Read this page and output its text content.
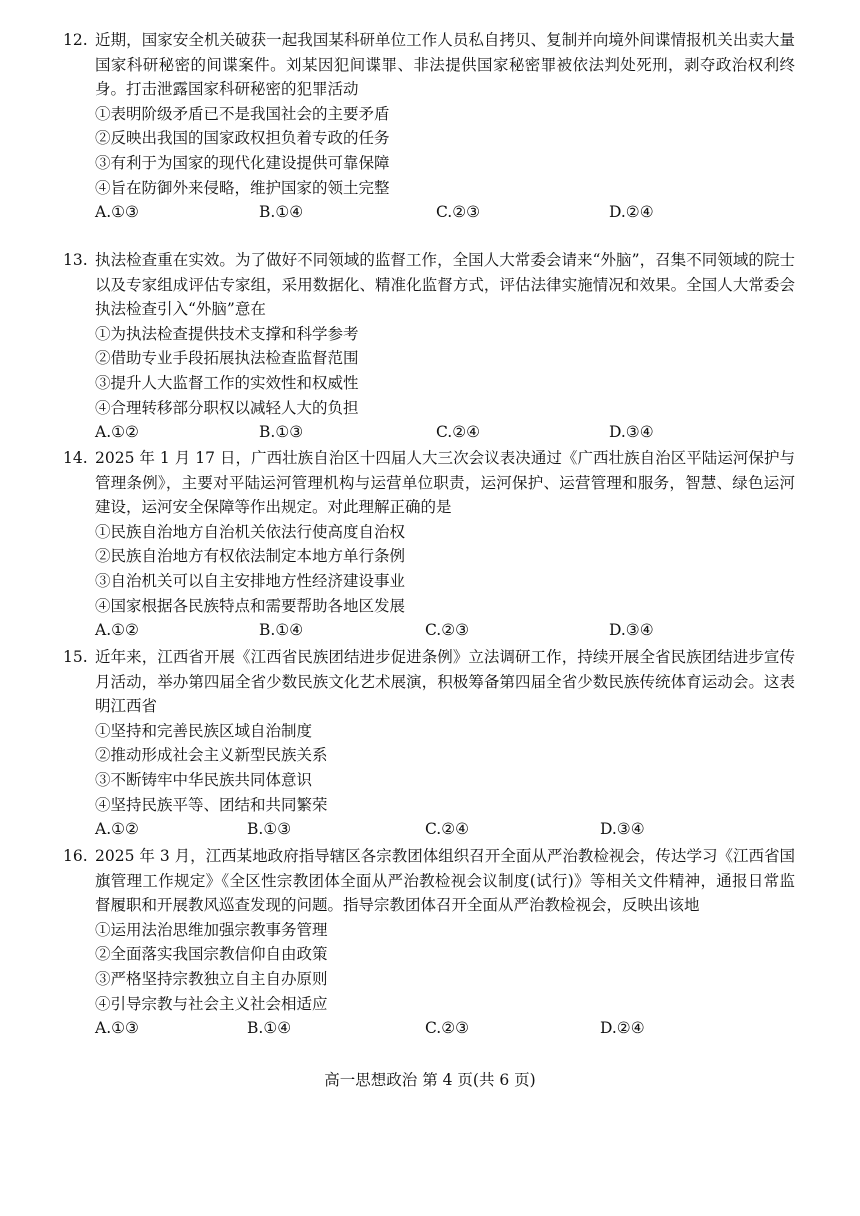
12. 近期，国家安全机关破获一起我国某科研单位工作人员私自拷贝、复制并向境外间谍情报机关出卖大量国家科研秘密的间谍案件。刘某因犯间谍罪、非法提供国家秘密罪被依法判处死刑，剥夺政治权利终身。打击泄露国家科研秘密的犯罪活动
①表明阶级矛盾已不是我国社会的主要矛盾
②反映出我国的国家政权担负着专政的任务
③有利于为国家的现代化建设提供可靠保障
④旨在防御外来侵略，维护国家的领土完整
A.①③	B.①④	C.②③	D.②④
13. 执法检查重在实效。为了做好不同领域的监督工作，全国人大常委会请来“外脑”，召集不同领域的院士以及专家组成评估专家组，采用数据化、精准化监督方式，评估法律实施情况和效果。全国人大常委会执法检查引入“外脑”意在
①为执法检查提供技术支撑和科学参考
②借助专业手段拓展执法检查监督范围
③提升人大监督工作的实效性和权威性
④合理转移部分职权以减轻人大的负担
A.①②	B.①③	C.②④	D.③④
14. 2025 年 1 月 17 日，广西壮族自治区十四届人大三次会议表决通过《广西壮族自治区平陆运河保护与管理条例》，主要对平陆运河管理机构与运营单位职责，运河保护、运营管理和服务，智慧、绿色运河建设，运河安全保障等作出规定。对此理解正确的是
①民族自治地方自治机关依法行使高度自治权
②民族自治地方有权依法制定本地方单行条例
③自治机关可以自主安排地方性经济建设事业
④国家根据各民族特点和需要帮助各地区发展
A.①②	B.①④	C.②③	D.③④
15. 近年来，江西省开展《江西省民族团结进步促进条例》立法调研工作，持续开展全省民族团结进步宣传月活动，举办第四届全省少数民族文化艺术展演，积极筹备第四届全省少数民族传统体育运动会。这表明江西省
①坚持和完善民族区域自治制度
②推动形成社会主义新型民族关系
③不断铸牢中华民族共同体意识
④坚持民族平等、团结和共同繁荣
A.①②	B.①③	C.②④	D.③④
16. 2025 年 3 月，江西某地政府指导辖区各宗教团体组织召开全面从严治教检视会，传达学习《江西省国旗管理工作规定》《全区性宗教团体全面从严治教检视会议制度(试行)》等相关文件精神，通报日常监督履职和开展教风巡查发现的问题。指导宗教团体召开全面从严治教检视会，反映出该地
①运用法治思维加强宗教事务管理
②全面落实我国宗教信仰自由政策
③严格坚持宗教独立自主自办原则
④引导宗教与社会主义社会相适应
A.①③	B.①④	C.②③	D.②④
高一思想政治 第 4 页(共 6 页)
